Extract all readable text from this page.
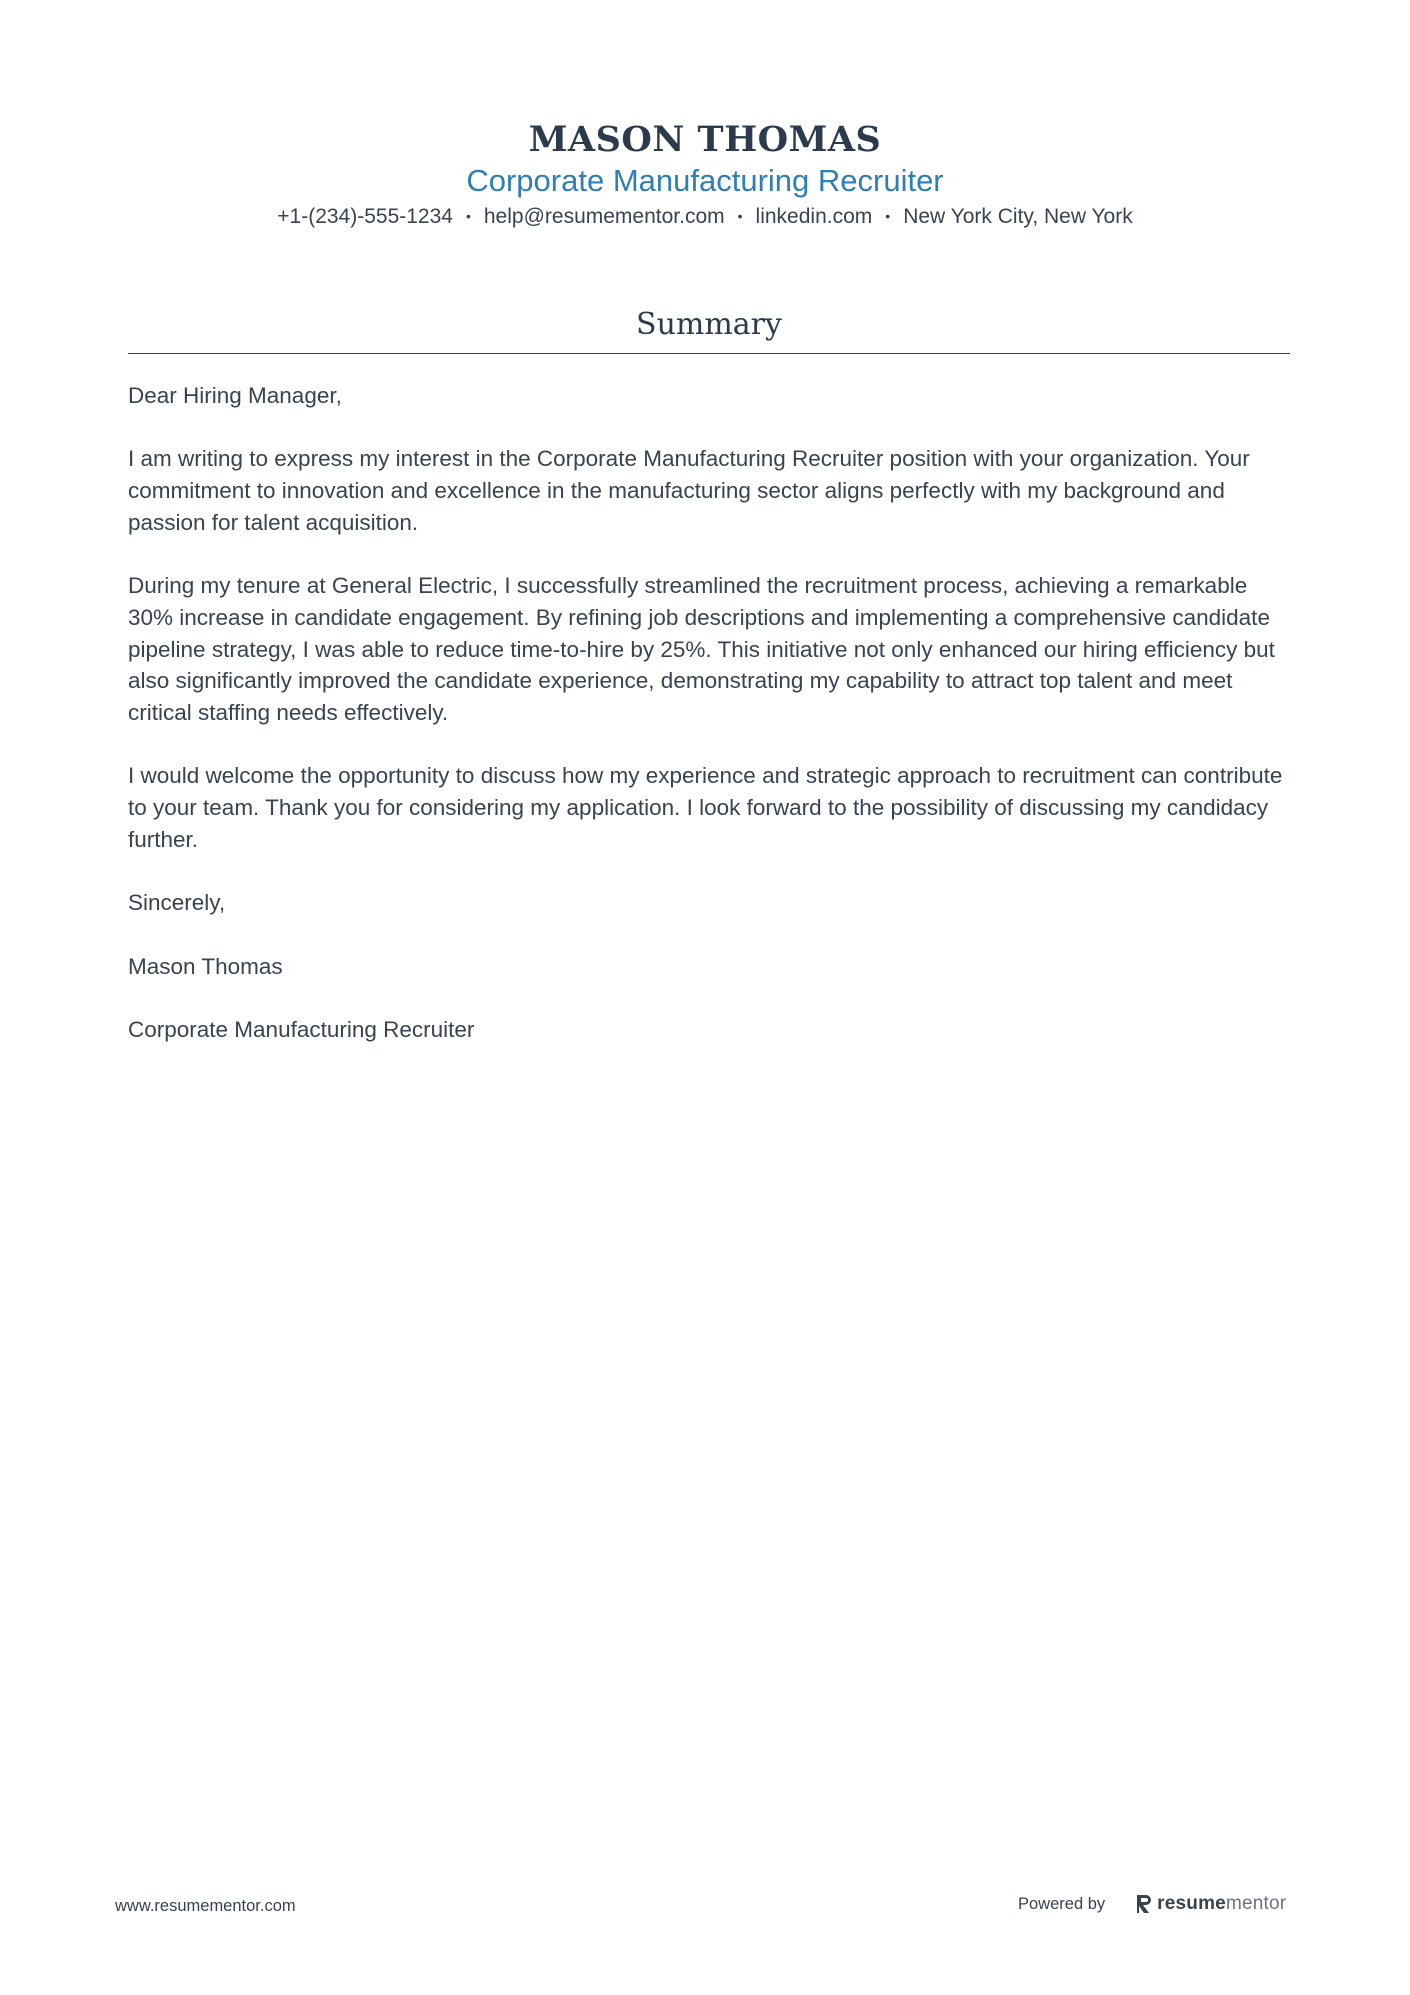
MASON THOMAS
Corporate Manufacturing Recruiter
+1-(234)-555-1234 • help@resumementor.com • linkedin.com • New York City, New York
Summary

Dear Hiring Manager,

I am writing to express my interest in the Corporate Manufacturing Recruiter position with your organization. Your commitment to innovation and excellence in the manufacturing sector aligns perfectly with my background and passion for talent acquisition.

During my tenure at General Electric, I successfully streamlined the recruitment process, achieving a remarkable 30% increase in candidate engagement. By refining job descriptions and implementing a comprehensive candidate pipeline strategy, I was able to reduce time-to-hire by 25%. This initiative not only enhanced our hiring efficiency but also significantly improved the candidate experience, demonstrating my capability to attract top talent and meet critical staffing needs effectively.

I would welcome the opportunity to discuss how my experience and strategic approach to recruitment can contribute to your team. Thank you for considering my application. I look forward to the possibility of discussing my candidacy further.

Sincerely,

Mason Thomas

Corporate Manufacturing Recruiter

www.resumementor.com	Powered by	resumementor
